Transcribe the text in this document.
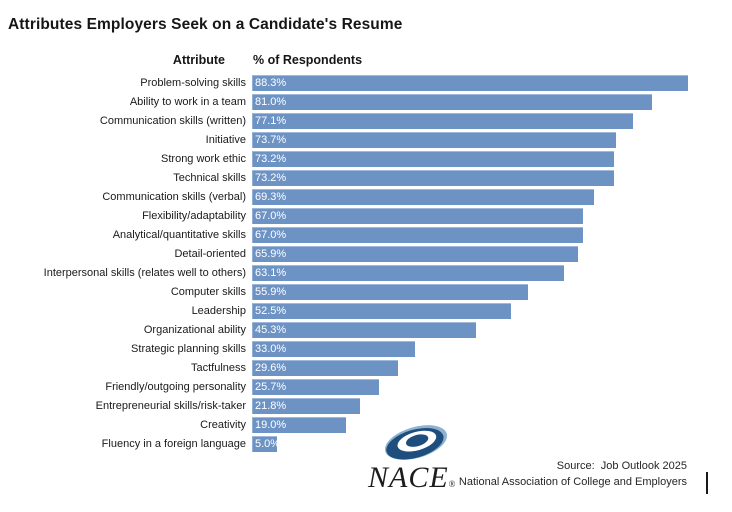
Attributes Employers Seek on a Candidate's Resume
Attribute	% of Respondents
Problem-solving skills 88.3%
Ability to work in a team 81.0%
Communication skills (written) 77.1%
Initiative 73.7%
Strong work ethic 73.2%
Technical skills 73.2%
Communication skills (verbal) 69.3%
Flexibility/adaptability 67.0%
Analytical/quantitative skills 67.0%
Detail-oriented 65.9%
Interpersonal skills (relates well to others) 63.1%
Computer skills 55.9%
Leadership 52.5%
Organizational ability 45.3%
Strategic planning skills 33.0%
Tactfulness 29.6%
Friendly/outgoing personality 25.7%
Entrepreneurial skills/risk-taker 21.8%
Creativity 19.0%
Fluency in a foreign language 5.0%
NACE®
Source:  Job Outlook 2025
National Association of College and Employers
